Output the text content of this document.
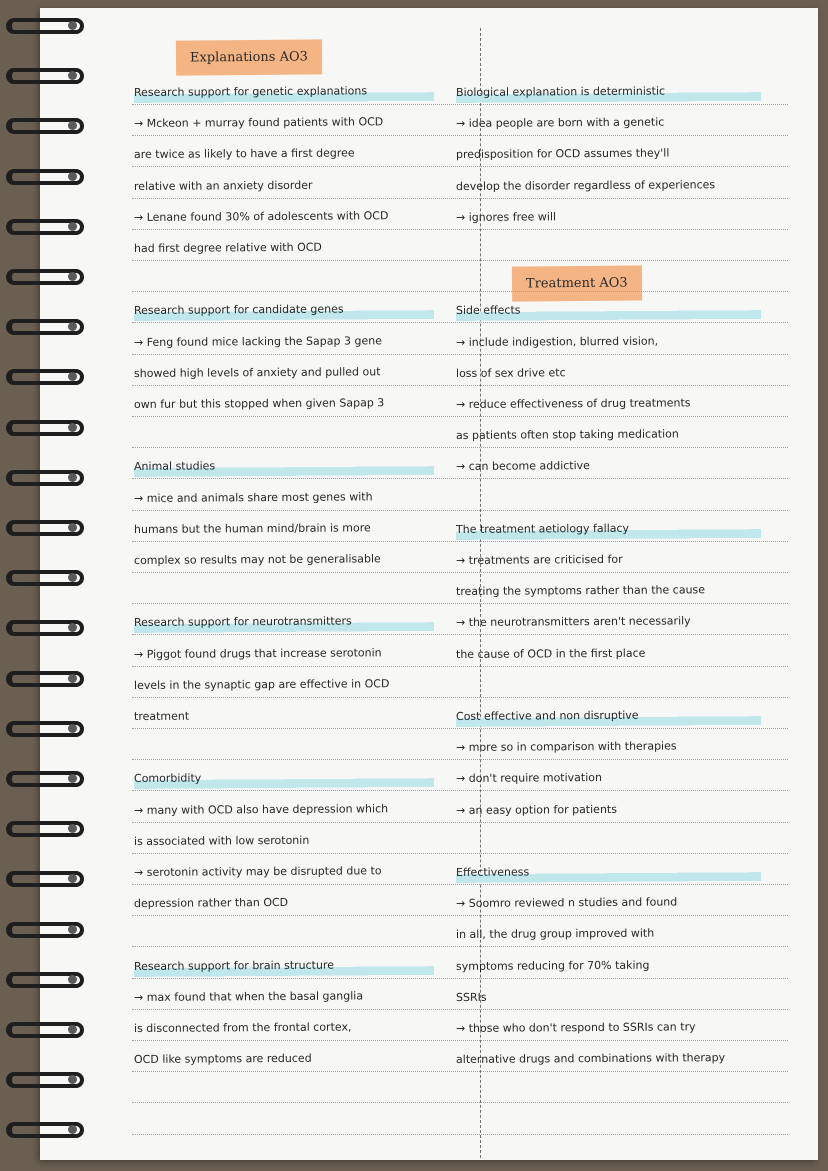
Explanations AO3
Treatment AO3
Research support for genetic explanations
→ Mckeon + murray found patients with OCD
are twice as likely to have a first degree
relative with an anxiety disorder
→ Lenane found 30% of adolescents with OCD
had first degree relative with OCD
Research support for candidate genes
→ Feng found mice lacking the Sapap 3 gene
showed high levels of anxiety and pulled out
own fur but this stopped when given Sapap 3
Animal studies
→ mice and animals share most genes with
humans but the human mind/brain is more
complex so results may not be generalisable
Research support for neurotransmitters
→ Piggot found drugs that increase serotonin
levels in the synaptic gap are effective in OCD
treatment
Comorbidity
→ many with OCD also have depression which
is associated with low serotonin
→ serotonin activity may be disrupted due to
depression rather than OCD
Research support for brain structure
→ max found that when the basal ganglia
is disconnected from the frontal cortex,
OCD like symptoms are reduced
Biological explanation is deterministic
→ idea people are born with a genetic
predisposition for OCD assumes they'll
develop the disorder regardless of experiences
→ ignores free will
Side effects
→ include indigestion, blurred vision,
loss of sex drive etc
→ reduce effectiveness of drug treatments
as patients often stop taking medication
→ can become addictive
The treatment aetiology fallacy
→ treatments are criticised for
treating the symptoms rather than the cause
→ the neurotransmitters aren't necessarily
the cause of OCD in the first place
Cost effective and non disruptive
→ more so in comparison with therapies
→ don't require motivation
→ an easy option for patients
Effectiveness
→ Soomro reviewed n studies and found
in all, the drug group improved with
symptoms reducing for 70% taking
SSRIs
→ those who don't respond to SSRIs can try
alternative drugs and combinations with therapy
